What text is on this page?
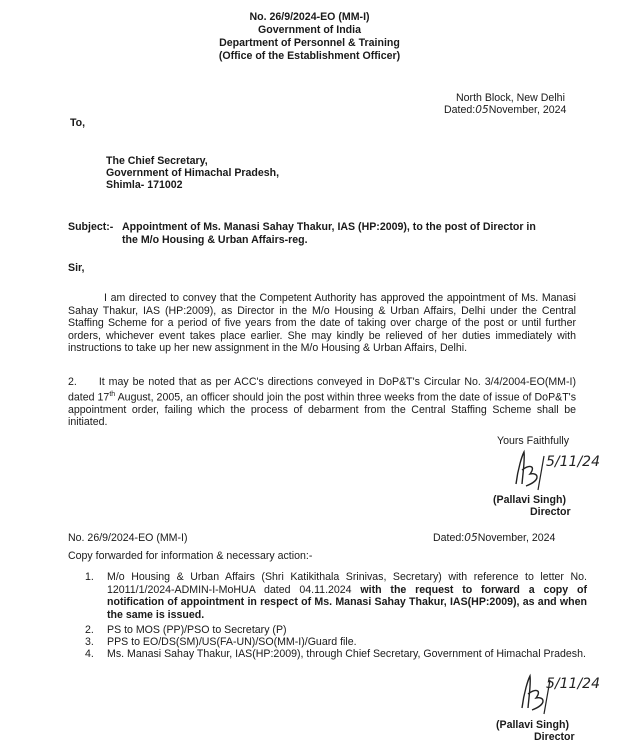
No. 26/9/2024-EO (MM-I)
Government of India
Department of Personnel & Training
(Office of the Establishment Officer)
North Block, New Delhi
Dated:05November, 2024
To,
The Chief Secretary,
Government of Himachal Pradesh,
Shimla- 171002
Subject:- Appointment of Ms. Manasi Sahay Thakur, IAS (HP:2009), to the post of Director in
the M/o Housing & Urban Affairs-reg.
Sir,
I am directed to convey that the Competent Authority has approved the appointment of Ms. Manasi Sahay Thakur, IAS (HP:2009), as Director in the M/o Housing & Urban Affairs, Delhi under the Central Staffing Scheme for a period of five years from the date of taking over charge of the post or until further orders, whichever event takes place earlier. She may kindly be relieved of her duties immediately with instructions to take up her new assignment in the M/o Housing & Urban Affairs, Delhi.
2. It may be noted that as per ACC's directions conveyed in DoP&T's Circular No. 3/4/2004-EO(MM-I) dated 17th August, 2005, an officer should join the post within three weeks from the date of issue of DoP&T's appointment order, failing which the process of debarment from the Central Staffing Scheme shall be initiated.
Yours Faithfully
5/11/24
(Pallavi Singh)
Director
No. 26/9/2024-EO (MM-I)	Dated:05November, 2024
Copy forwarded for information & necessary action:-
1. M/o Housing & Urban Affairs (Shri Katikithala Srinivas, Secretary) with reference to letter No. 12011/1/2024-ADMIN-I-MoHUA dated 04.11.2024 with the request to forward a copy of notification of appointment in respect of Ms. Manasi Sahay Thakur, IAS(HP:2009), as and when the same is issued.
2. PS to MOS (PP)/PSO to Secretary (P)
3. PPS to EO/DS(SM)/US(FA-UN)/SO(MM-I)/Guard file.
4. Ms. Manasi Sahay Thakur, IAS(HP:2009), through Chief Secretary, Government of Himachal Pradesh.
5/11/24
(Pallavi Singh)
Director
